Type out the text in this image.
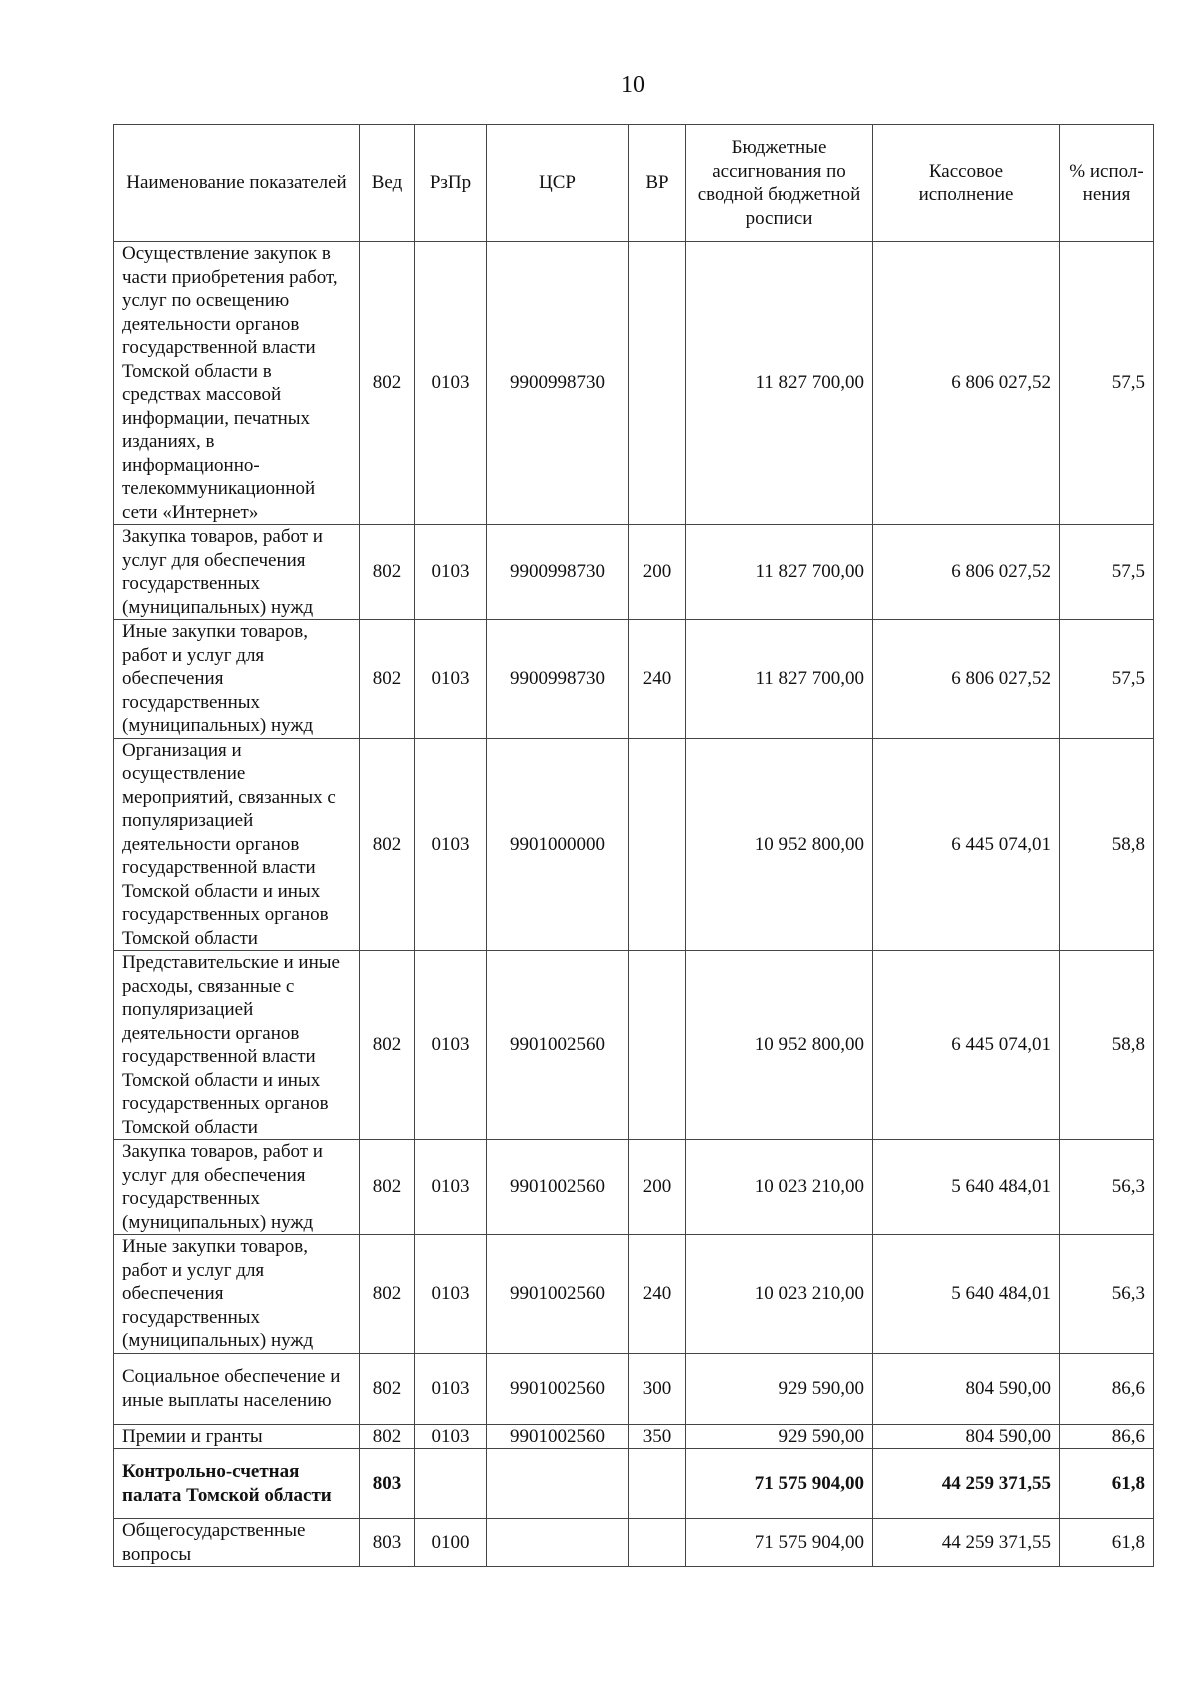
10
Наименование показателей	Вед	РзПр	ЦСР	ВР	Бюджетные ассигнования по сводной бюджетной росписи	Кассовое исполнение	% испол-нения
Осуществление закупок в части приобретения работ, услуг по освещению деятельности органов государственной власти Томской области в средствах массовой информации, печатных изданиях, в информационно-телекоммуникационной сети «Интернет»	802	0103	9900998730		11 827 700,00	6 806 027,52	57,5
Закупка товаров, работ и услуг для обеспечения государственных (муниципальных) нужд	802	0103	9900998730	200	11 827 700,00	6 806 027,52	57,5
Иные закупки товаров, работ и услуг для обеспечения государственных (муниципальных) нужд	802	0103	9900998730	240	11 827 700,00	6 806 027,52	57,5
Организация и осуществление мероприятий, связанных с популяризацией деятельности органов государственной власти Томской области и иных государственных органов Томской области	802	0103	9901000000		10 952 800,00	6 445 074,01	58,8
Представительские и иные расходы, связанные с популяризацией деятельности органов государственной власти Томской области и иных государственных органов Томской области	802	0103	9901002560		10 952 800,00	6 445 074,01	58,8
Закупка товаров, работ и услуг для обеспечения государственных (муниципальных) нужд	802	0103	9901002560	200	10 023 210,00	5 640 484,01	56,3
Иные закупки товаров, работ и услуг для обеспечения государственных (муниципальных) нужд	802	0103	9901002560	240	10 023 210,00	5 640 484,01	56,3
Социальное обеспечение и иные выплаты населению	802	0103	9901002560	300	929 590,00	804 590,00	86,6
Премии и гранты	802	0103	9901002560	350	929 590,00	804 590,00	86,6
Контрольно-счетная палата Томской области	803				71 575 904,00	44 259 371,55	61,8
Общегосударственные вопросы	803	0100			71 575 904,00	44 259 371,55	61,8
